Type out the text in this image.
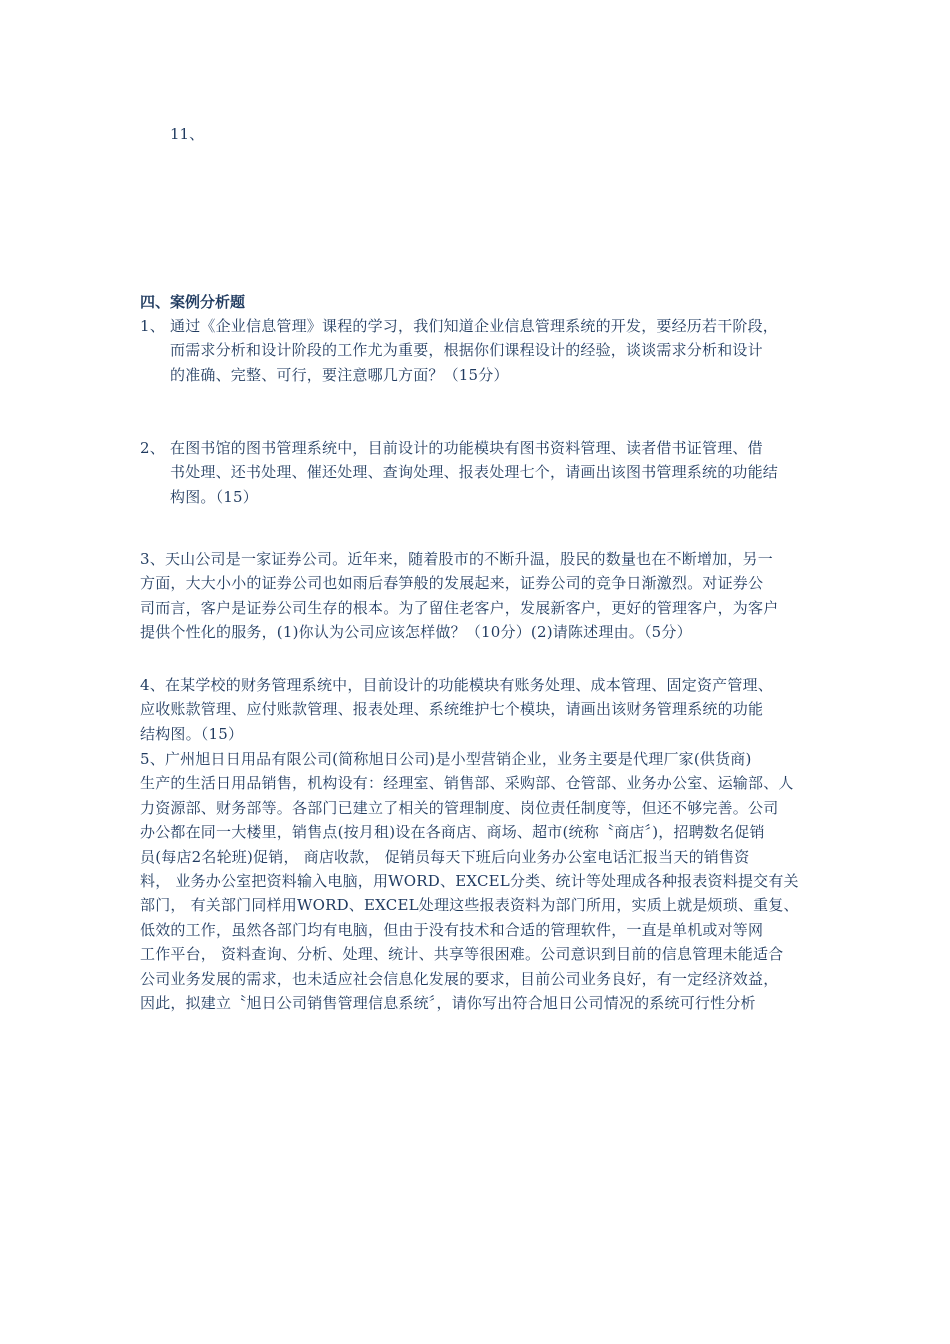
11、
四、案例分析题
1、 通过《企业信息管理》课程的学习，我们知道企业信息管理系统的开发，要经历若干阶段，
而需求分析和设计阶段的工作尤为重要，根据你们课程设计的经验，谈谈需求分析和设计
的准确、完整、可行，要注意哪几方面？（15分）
2、 在图书馆的图书管理系统中，目前设计的功能模块有图书资料管理、读者借书证管理、借
书处理、还书处理、催还处理、查询处理、报表处理七个，请画出该图书管理系统的功能结
构图。（15）
3、天山公司是一家证券公司。近年来，随着股市的不断升温，股民的数量也在不断增加，另一
方面，大大小小的证券公司也如雨后春笋般的发展起来，证券公司的竞争日渐激烈。对证券公
司而言，客户是证券公司生存的根本。为了留住老客户，发展新客户，更好的管理客户，为客户
提供个性化的服务，(1)你认为公司应该怎样做？（10分）(2)请陈述理由。（5分）
4、在某学校的财务管理系统中，目前设计的功能模块有账务处理、成本管理、固定资产管理、
应收账款管理、应付账款管理、报表处理、系统维护七个模块，请画出该财务管理系统的功能
结构图。（15）
5、广州旭日日用品有限公司(简称旭日公司)是小型营销企业，业务主要是代理厂家(供货商)
生产的生活日用品销售，机构设有：经理室、销售部、采购部、仓管部、业务办公室、运输部、人
力资源部、财务部等。各部门已建立了相关的管理制度、岗位责任制度等，但还不够完善。公司
办公都在同一大楼里，销售点(按月租)设在各商店、商场、超市(统称〝商店〞)，招聘数名促销
员(每店2名轮班)促销， 商店收款， 促销员每天下班后向业务办公室电话汇报当天的销售资
料， 业务办公室把资料输入电脑，用WORD、EXCEL分类、统计等处理成各种报表资料提交有关
部门， 有关部门同样用WORD、EXCEL处理这些报表资料为部门所用，实质上就是烦琐、重复、
低效的工作，虽然各部门均有电脑，但由于没有技术和合适的管理软件，一直是单机或对等网
工作平台， 资料查询、分析、处理、统计、共享等很困难。公司意识到目前的信息管理未能适合
公司业务发展的需求，也未适应社会信息化发展的要求，目前公司业务良好，有一定经济效益，
因此，拟建立〝旭日公司销售管理信息系统〞，请你写出符合旭日公司情况的系统可行性分析
